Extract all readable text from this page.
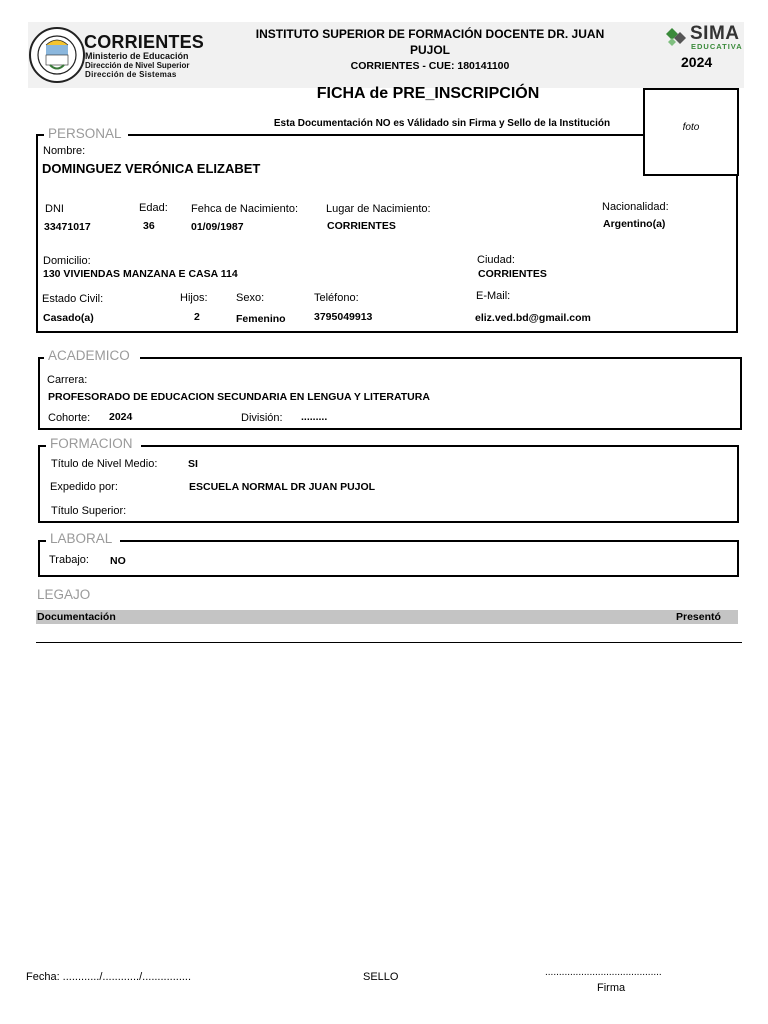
CORRIENTES
Ministerio de Educación
Dirección de Nivel Superior
Dirección de Sistemas
INSTITUTO SUPERIOR DE FORMACIÓN DOCENTE DR. JUAN
PUJOL
CORRIENTES - CUE: 180141100
SIMA
EDUCATIVA
2024
FICHA de PRE_INSCRIPCIÓN
Esta Documentación NO es Válidado sin Firma y Sello de la Institución
PERSONAL	foto
Nombre:
DOMINGUEZ VERÓNICA ELIZABET
DNI
33471017
Edad:
36
Fehca de Nacimiento:
01/09/1987
Lugar de Nacimiento:
CORRIENTES
Nacionalidad:
Argentino(a)
Domicilio:
130 VIVIENDAS MANZANA E CASA 114
Ciudad:
CORRIENTES
Estado Civil:
Casado(a)
Hijos:
2
Sexo:
Femenino
Teléfono:
3795049913
E-Mail:
eliz.ved.bd@gmail.com
ACADEMICO
Carrera:
PROFESORADO DE EDUCACION SECUNDARIA EN LENGUA Y LITERATURA
Cohorte: 2024	División: .........
FORMACION
Título de Nivel Medio:	SI
Expedido por:	ESCUELA NORMAL DR JUAN PUJOL
Título Superior:
LABORAL
Trabajo: NO
LEGAJO
Documentación	Presentó
Fecha: ............/............/................	SELLO	..........................................
Firma
